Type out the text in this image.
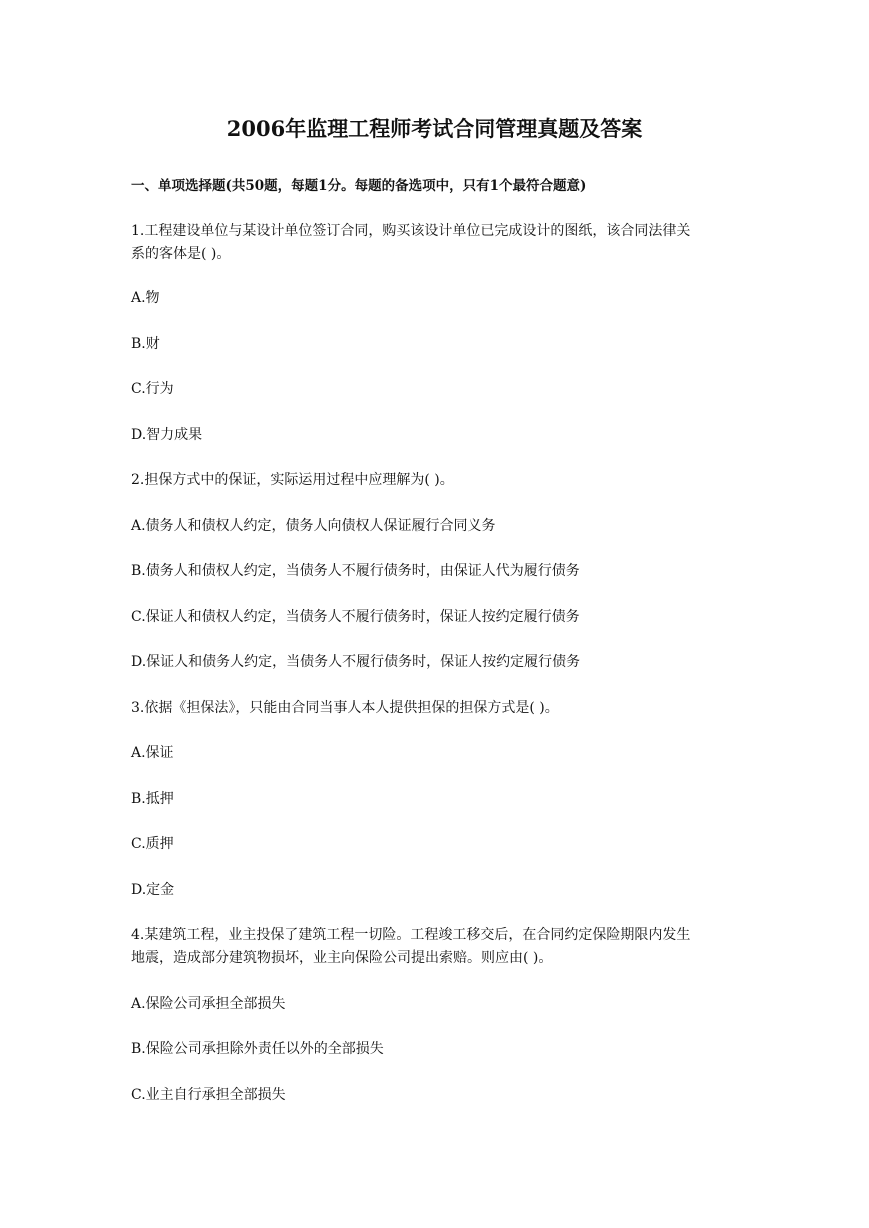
2006年监理工程师考试合同管理真题及答案

一、单项选择题(共50题，每题1分。每题的备选项中，只有1个最符合题意)

1.工程建设单位与某设计单位签订合同，购买该设计单位已完成设计的图纸，该合同法律关

系的客体是( )。

A.物

B.财

C.行为

D.智力成果

2.担保方式中的保证，实际运用过程中应理解为( )。

A.债务人和债权人约定，债务人向债权人保证履行合同义务

B.债务人和债权人约定，当债务人不履行债务时，由保证人代为履行债务

C.保证人和债权人约定，当债务人不履行债务时，保证人按约定履行债务

D.保证人和债务人约定，当债务人不履行债务时，保证人按约定履行债务

3.依据《担保法》，只能由合同当事人本人提供担保的担保方式是( )。

A.保证

B.抵押

C.质押

D.定金

4.某建筑工程，业主投保了建筑工程一切险。工程竣工移交后，在合同约定保险期限内发生

地震，造成部分建筑物损坏，业主向保险公司提出索赔。则应由( )。

A.保险公司承担全部损失

B.保险公司承担除外责任以外的全部损失

C.业主自行承担全部损失
